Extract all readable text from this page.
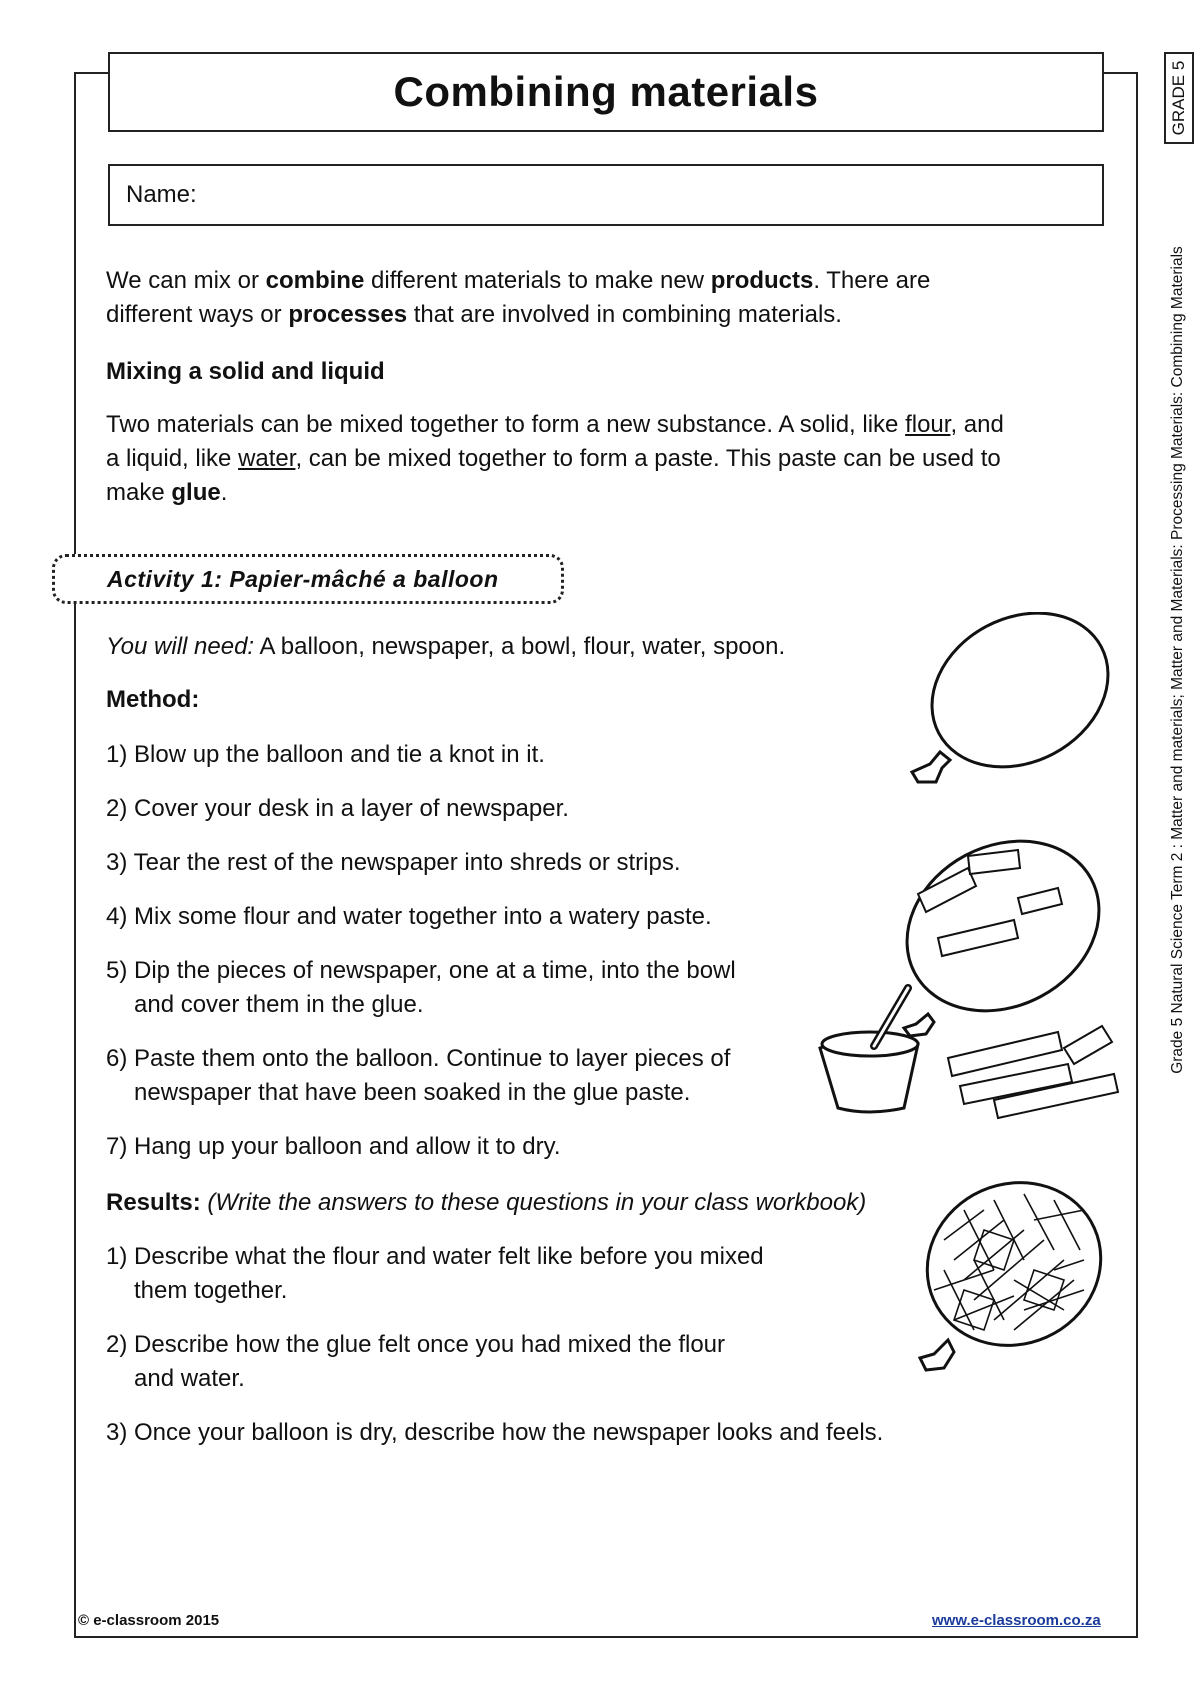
Combining materials
Name:
GRADE 5
Grade 5 Natural Science Term 2 : Matter and materials; Matter and Materials: Processing Materials: Combining Materials
We can mix or combine different materials to make new products. There are
different ways or processes that are involved in combining materials.
Mixing a solid and liquid
Two materials can be mixed together to form a new substance. A solid, like flour, and
a liquid, like water, can be mixed together to form a paste. This paste can be used to
make glue.
Activity 1: Papier-mâché a balloon
You will need: A balloon, newspaper, a bowl, flour, water, spoon.
Method:
1) Blow up the balloon and tie a knot in it.
2) Cover your desk in a layer of newspaper.
3) Tear the rest of the newspaper into shreds or strips.
4) Mix some flour and water together into a watery paste.
5) Dip the pieces of newspaper, one at a time, into the bowl
and cover them in the glue.
6) Paste them onto the balloon. Continue to layer pieces of
newspaper that have been soaked in the glue paste.
7) Hang up your balloon and allow it to dry.
Results: (Write the answers to these questions in your class workbook)
1) Describe what the flour and water felt like before you mixed
them together.
2) Describe how the glue felt once you had mixed the flour
and water.
3) Once your balloon is dry, describe how the newspaper looks and feels.
© e-classroom 2015	www.e-classroom.co.za
